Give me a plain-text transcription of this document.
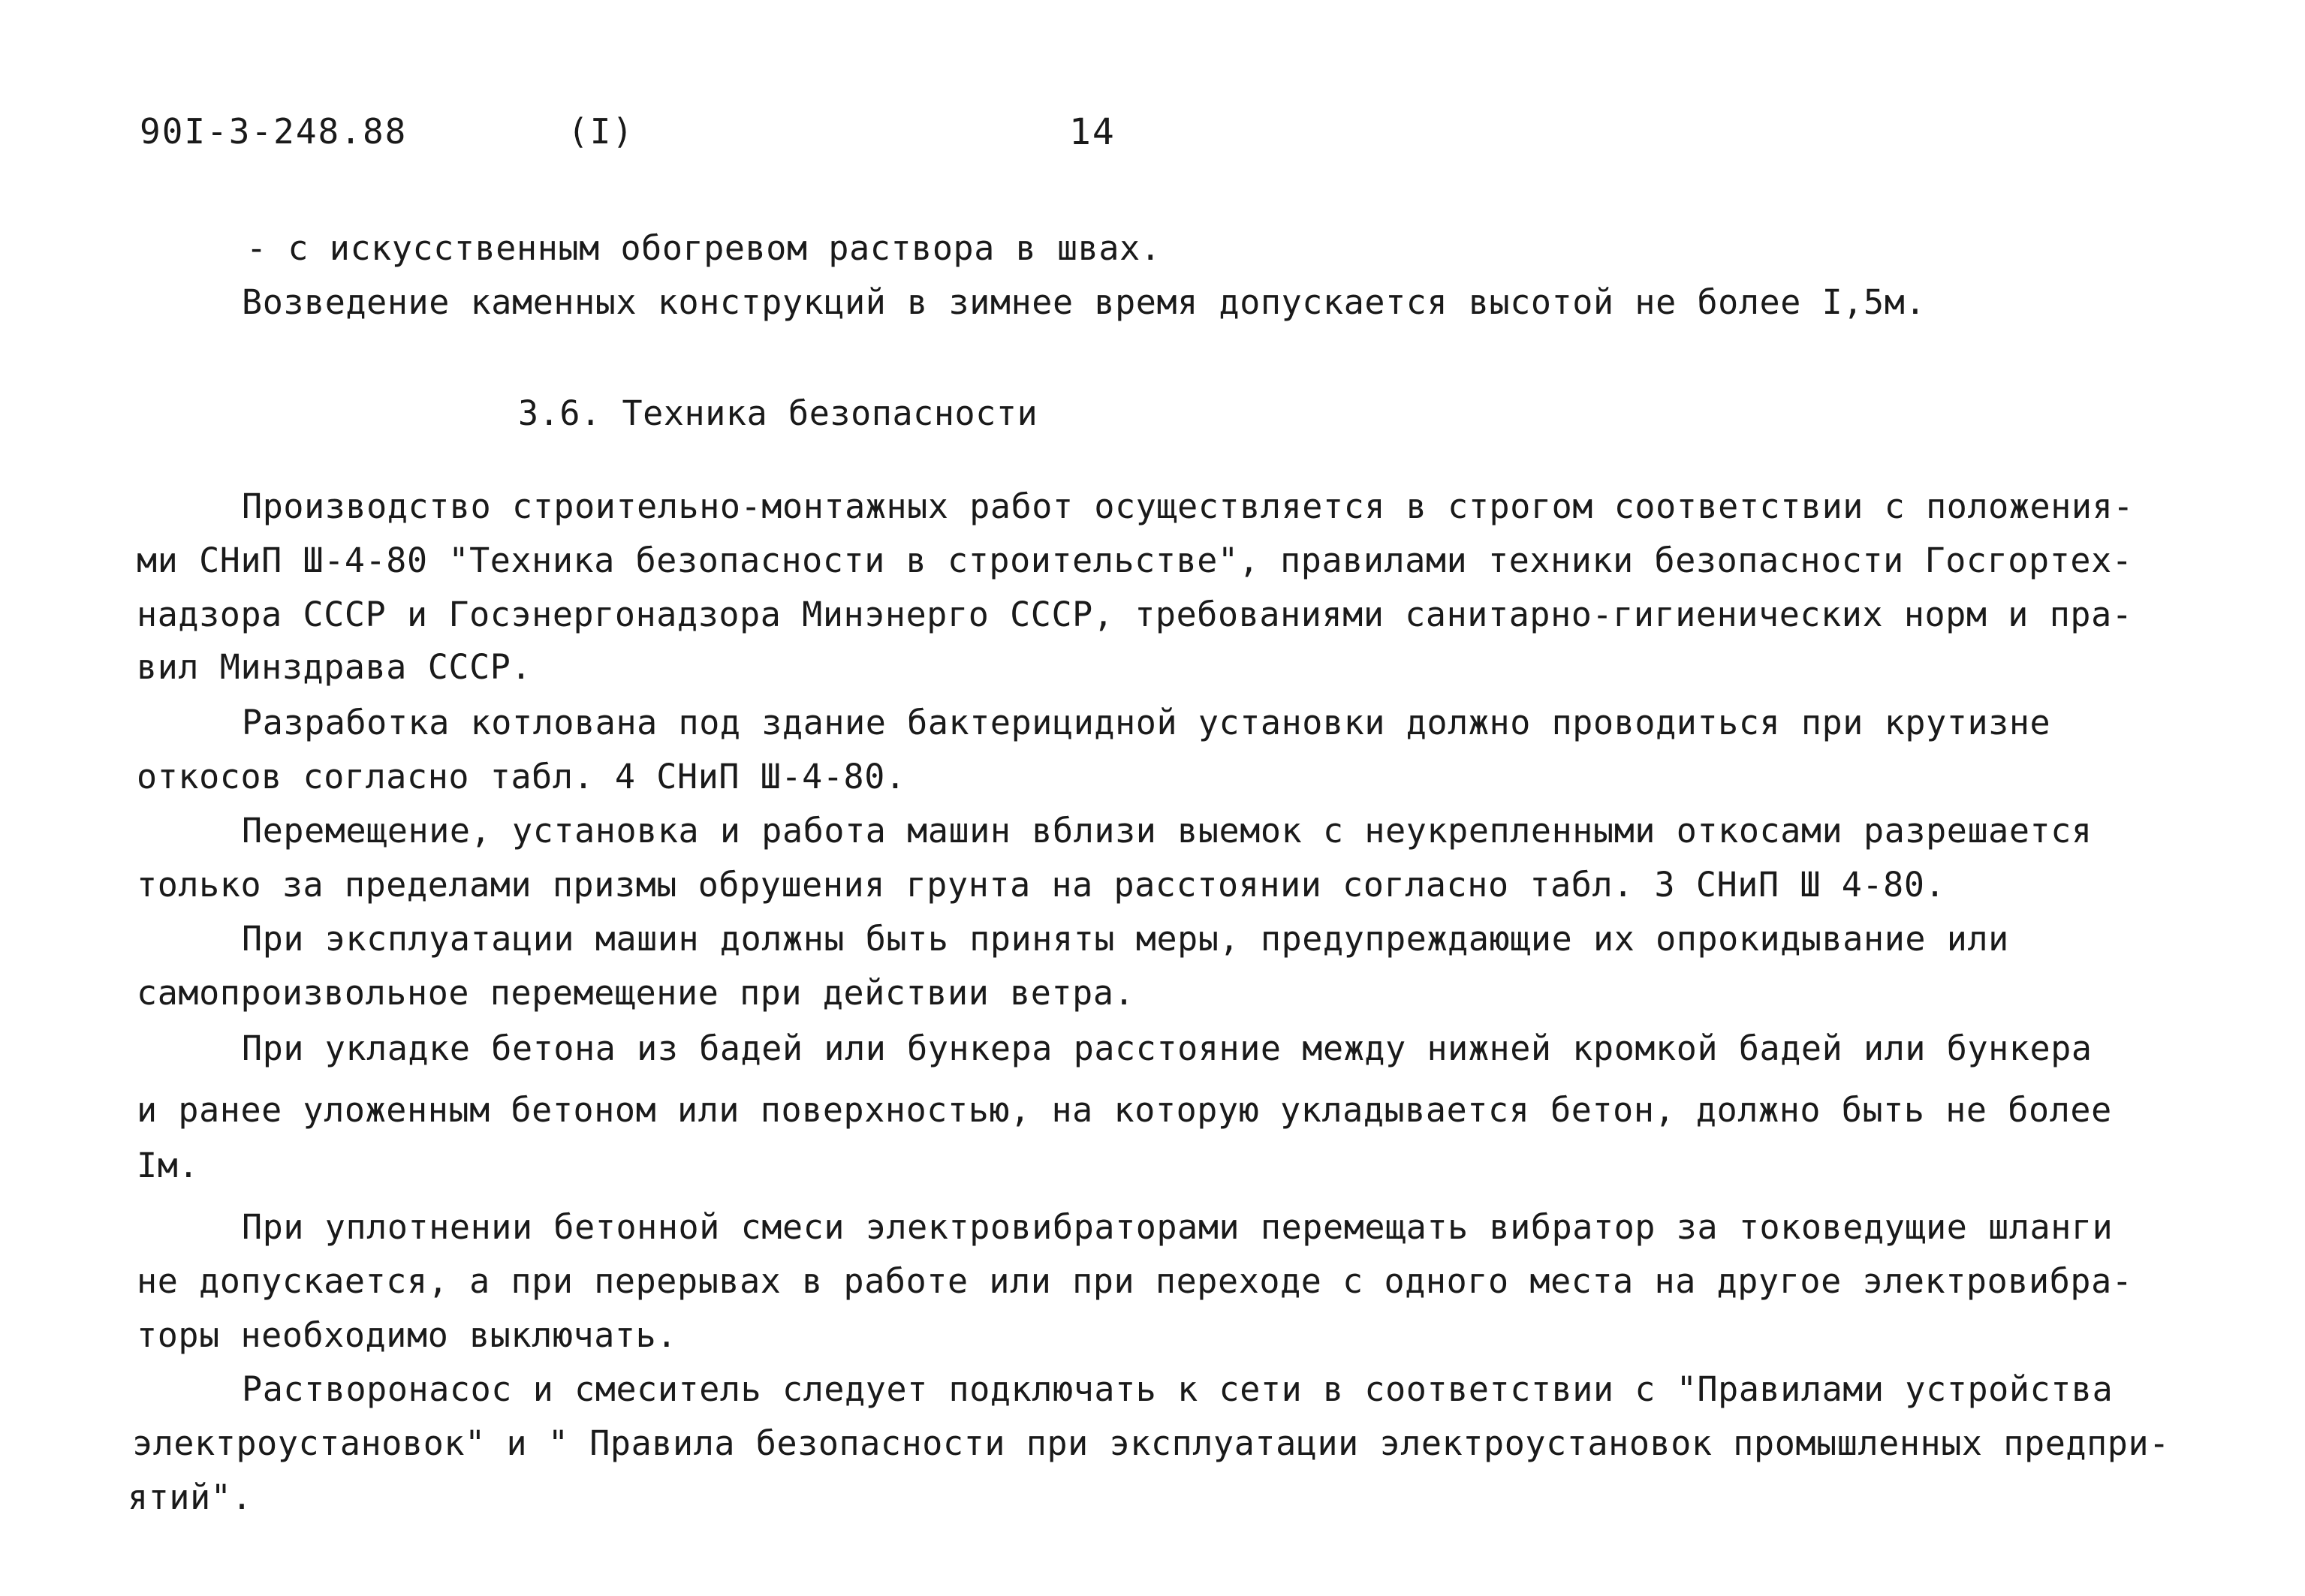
90I-3-248.88	(I)	14
- с искусственным обогревом раствора в швах.
Возведение каменных конструкций в зимнее время допускается высотой не более I,5м.
3.6. Техника безопасности
Производство строительно-монтажных работ осуществляется в строгом соответствии с положения-
ми СНиП Ш-4-80 "Техника безопасности в строительстве", правилами техники безопасности Госгортех-
надзора СССР и Госэнергонадзора Минэнерго СССР, требованиями санитарно-гигиенических норм и пра-
вил Минздрава СССР.
Разработка котлована под здание бактерицидной установки должно проводиться при крутизне
откосов согласно табл. 4 СНиП Ш-4-80.
Перемещение, установка и работа машин вблизи выемок с неукрепленными откосами разрешается
только за пределами призмы обрушения грунта на расстоянии согласно табл. 3 СНиП Ш 4-80.
При эксплуатации машин должны быть приняты меры, предупреждающие их опрокидывание или
самопроизвольное перемещение при действии ветра.
При укладке бетона из бадей или бункера расстояние между нижней кромкой бадей или бункера
и ранее уложенным бетоном или поверхностью, на которую укладывается бетон, должно быть не более
Iм.
При уплотнении бетонной смеси электровибраторами перемещать вибратор за токоведущие шланги
не допускается, а при перерывах в работе или при переходе с одного места на другое электровибра-
торы необходимо выключать.
Растворонасос и смеситель следует подключать к сети в соответствии с "Правилами устройства
электроустановок" и " Правила безопасности при эксплуатации электроустановок промышленных предпри-
ятий".
